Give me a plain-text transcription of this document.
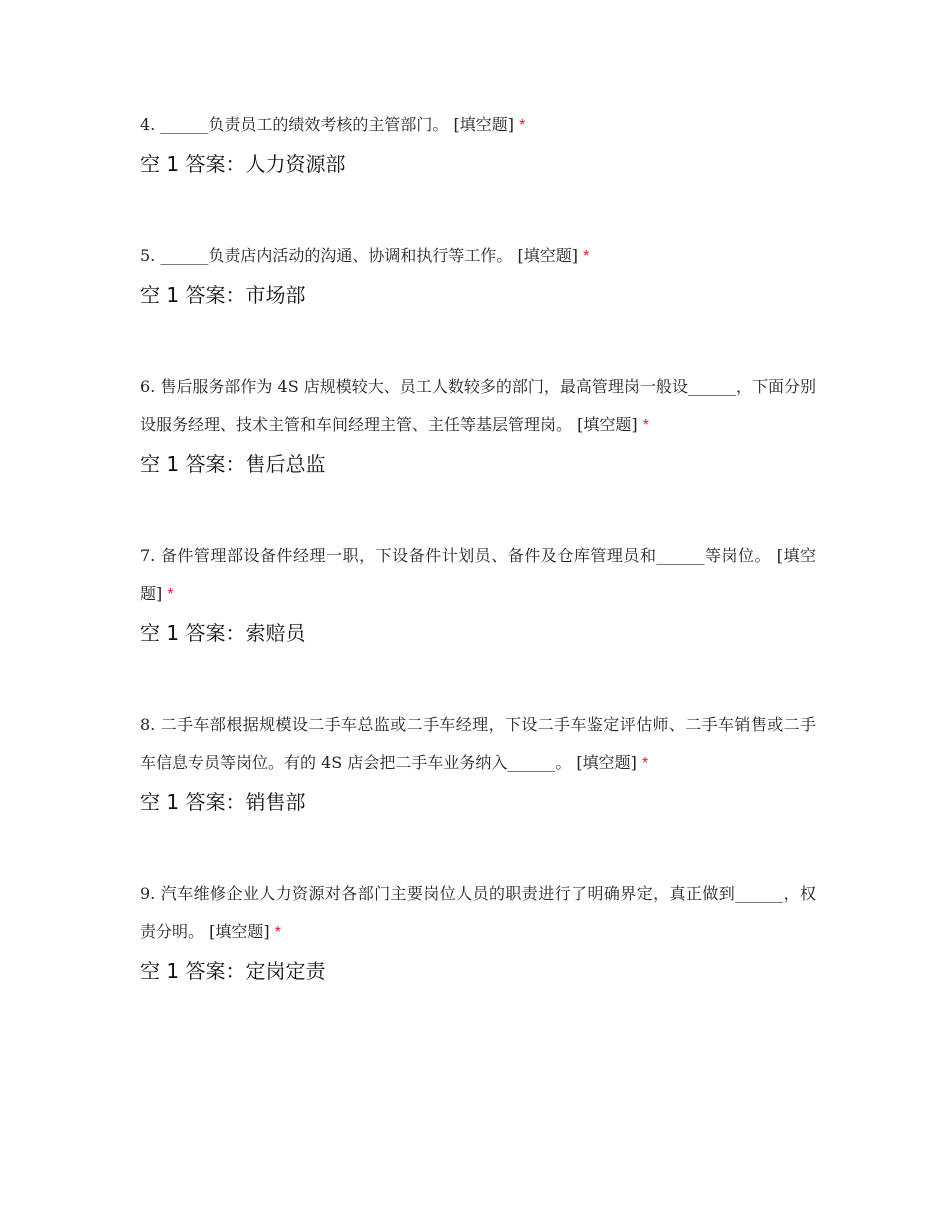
4. ______负责员工的绩效考核的主管部门。 [填空题] *

空 1 答案：人力资源部

5. ______负责店内活动的沟通、协调和执行等工作。 [填空题] *

空 1 答案：市场部

6. 售后服务部作为 4S 店规模较大、员工人数较多的部门，最高管理岗一般设______，下面分别设服务经理、技术主管和车间经理主管、主任等基层管理岗。 [填空题] *

空 1 答案：售后总监

7. 备件管理部设备件经理一职，下设备件计划员、备件及仓库管理员和______等岗位。 [填空题] *

空 1 答案：索赔员

8. 二手车部根据规模设二手车总监或二手车经理，下设二手车鉴定评估师、二手车销售或二手车信息专员等岗位。有的 4S 店会把二手车业务纳入______。 [填空题] *

空 1 答案：销售部

9. 汽车维修企业人力资源对各部门主要岗位人员的职责进行了明确界定，真正做到______，权责分明。 [填空题] *

空 1 答案：定岗定责
